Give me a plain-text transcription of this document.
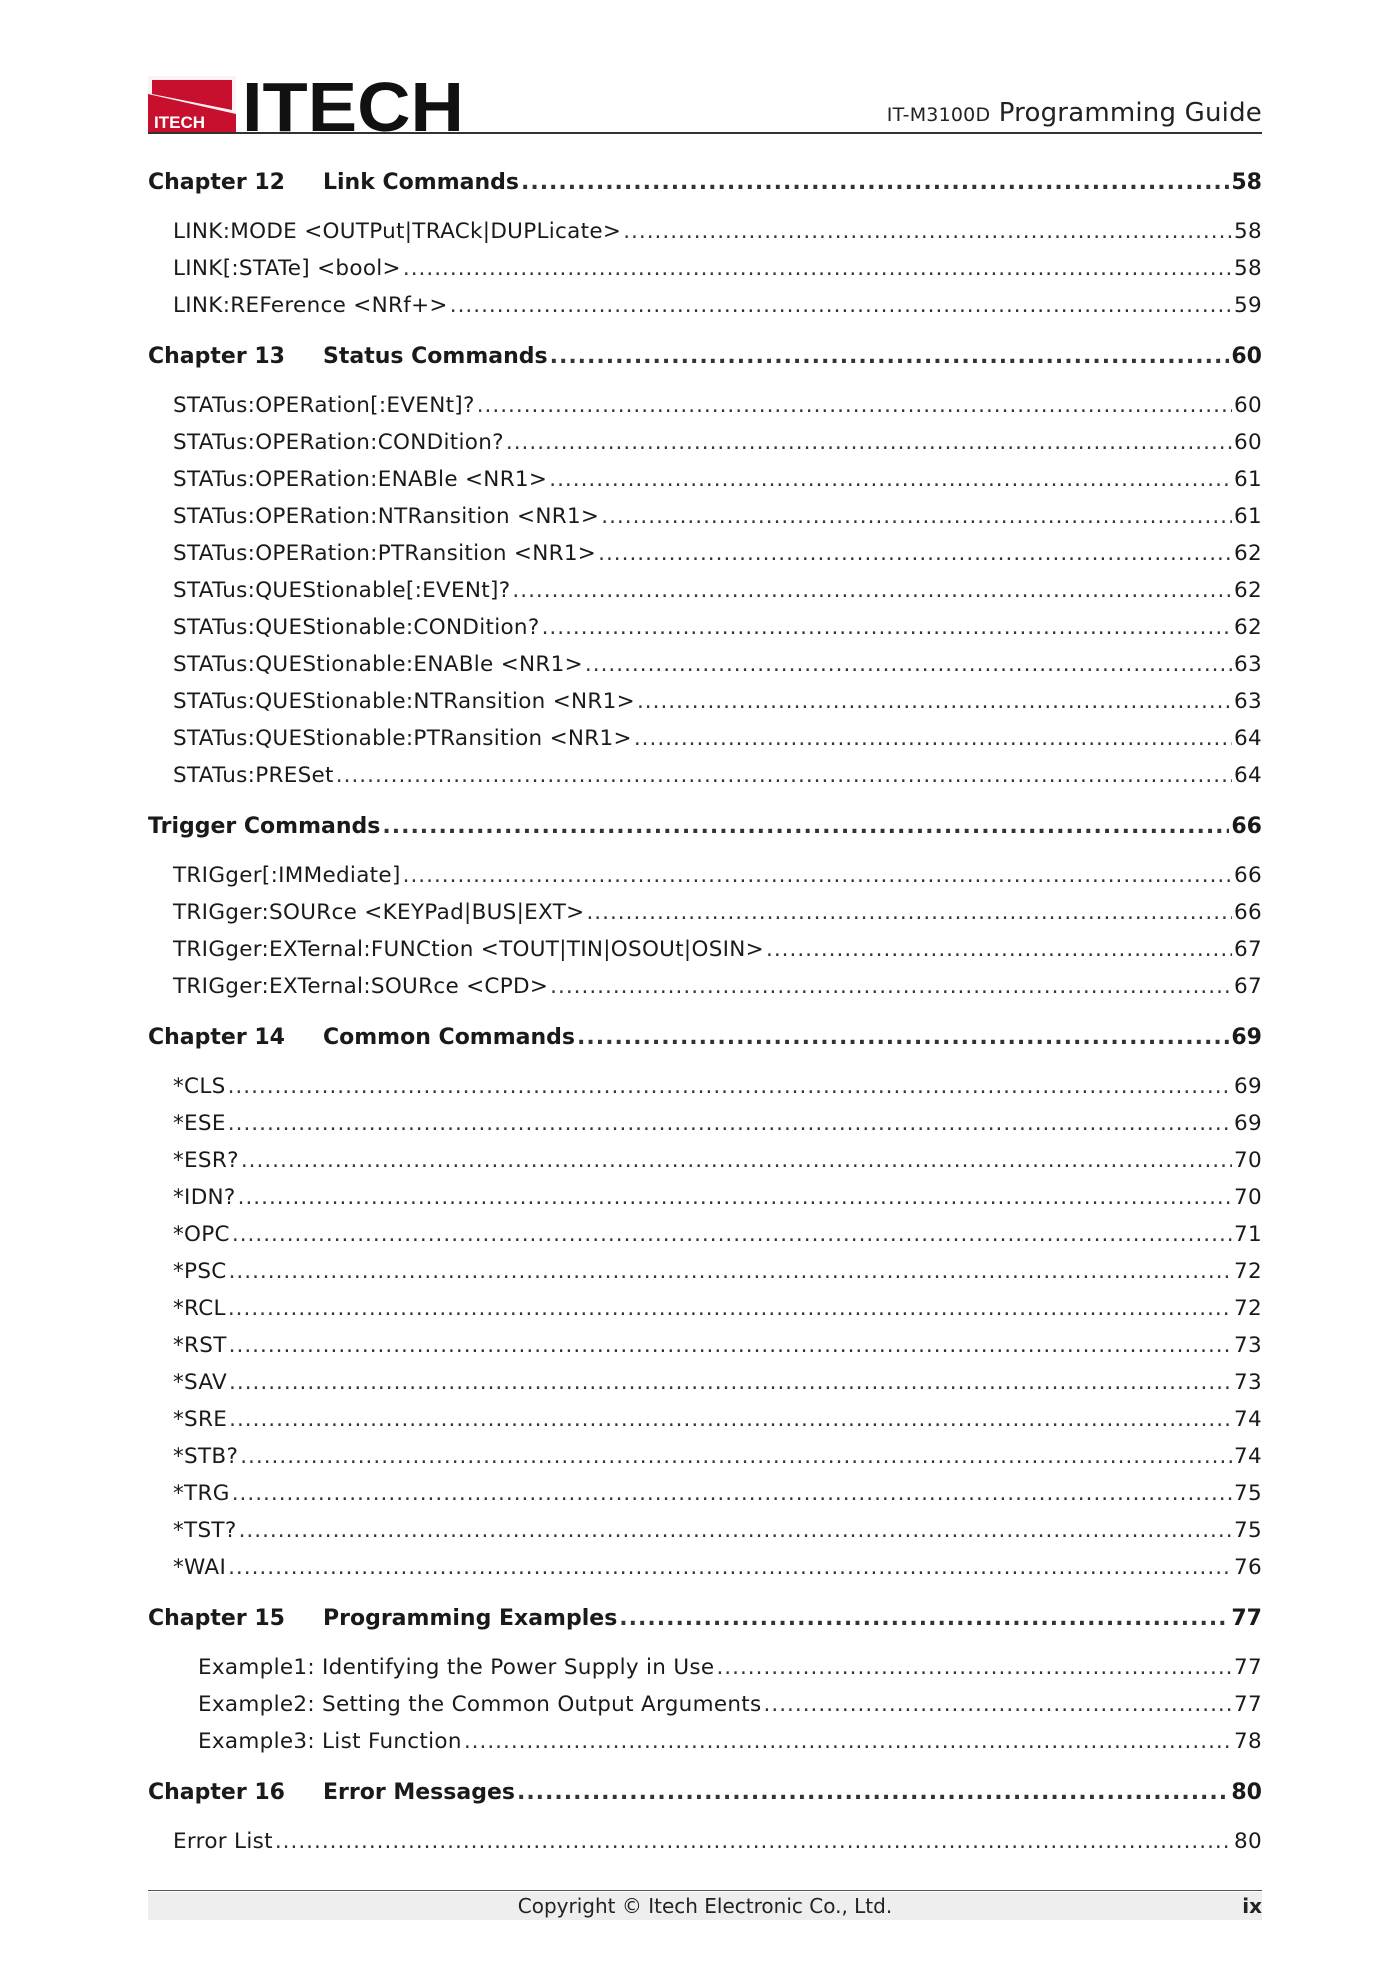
ITECH ITECH	IT-M3100D Programming Guide
Chapter 12 Link Commands .....	58
LINK:MODE <OUTPut|TRACk|DUPLicate> .....	58
LINK[:STATe] <bool> .....	58
LINK:REFerence <NRf+> .....	59
Chapter 13 Status Commands .....	60
STATus:OPERation[:EVENt]? .....	60
STATus:OPERation:CONDition? .....	60
STATus:OPERation:ENABle <NR1> .....	61
STATus:OPERation:NTRansition <NR1> .....	61
STATus:OPERation:PTRansition <NR1> .....	62
STATus:QUEStionable[:EVENt]? .....	62
STATus:QUEStionable:CONDition? .....	62
STATus:QUEStionable:ENABle <NR1> .....	63
STATus:QUEStionable:NTRansition <NR1> .....	63
STATus:QUEStionable:PTRansition <NR1> .....	64
STATus:PRESet .....	64
Trigger Commands .....	66
TRIGger[:IMMediate] .....	66
TRIGger:SOURce <KEYPad|BUS|EXT> .....	66
TRIGger:EXTernal:FUNCtion <TOUT|TIN|OSOUt|OSIN> .....	67
TRIGger:EXTernal:SOURce <CPD> .....	67
Chapter 14 Common Commands .....	69
*CLS .....	69
*ESE .....	69
*ESR? .....	70
*IDN? .....	70
*OPC .....	71
*PSC .....	72
*RCL .....	72
*RST .....	73
*SAV .....	73
*SRE .....	74
*STB? .....	74
*TRG .....	75
*TST? .....	75
*WAI .....	76
Chapter 15 Programming Examples .....	77
Example1: Identifying the Power Supply in Use .....	77
Example2: Setting the Common Output Arguments .....	77
Example3: List Function .....	78
Chapter 16 Error Messages .....	80
Error List .....	80
Copyright © Itech Electronic Co., Ltd.	ix
